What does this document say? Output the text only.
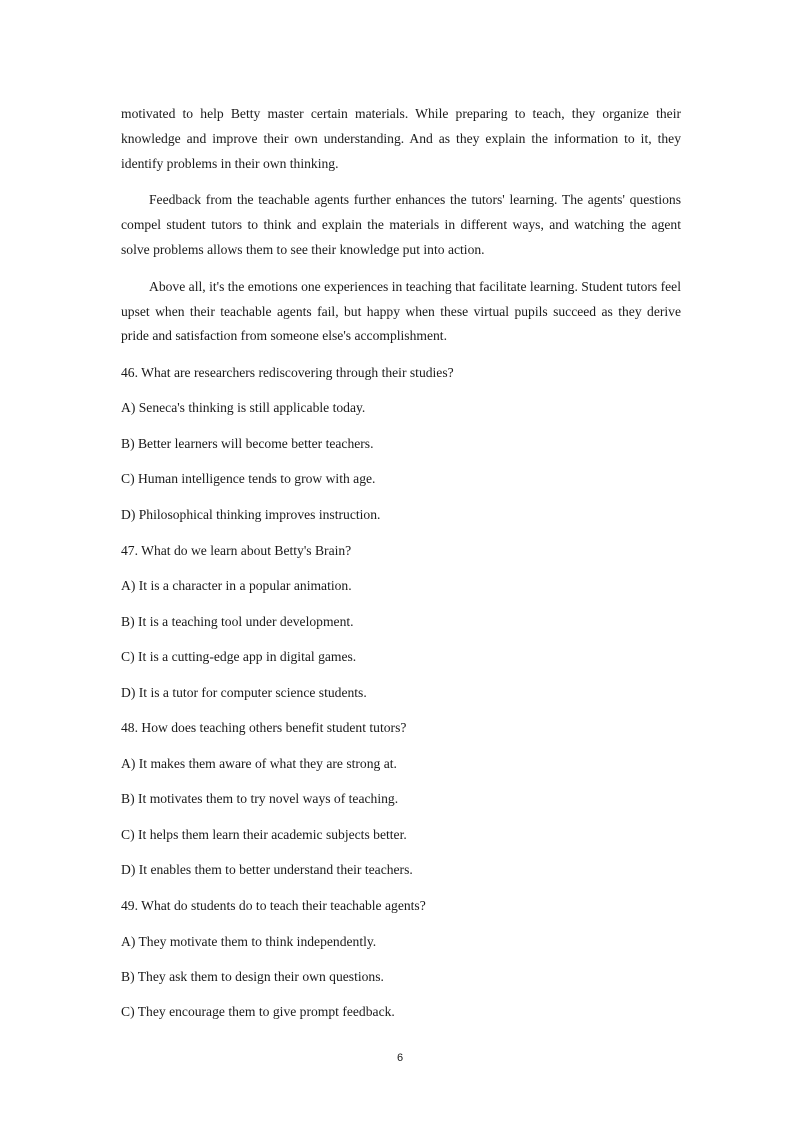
motivated to help Betty master certain materials. While preparing to teach, they organize their knowledge and improve their own understanding. And as they explain the information to it, they identify problems in their own thinking.

Feedback from the teachable agents further enhances the tutors' learning. The agents' questions compel student tutors to think and explain the materials in different ways, and watching the agent solve problems allows them to see their knowledge put into action.

Above all, it's the emotions one experiences in teaching that facilitate learning. Student tutors feel upset when their teachable agents fail, but happy when these virtual pupils succeed as they derive pride and satisfaction from someone else's accomplishment.

46. What are researchers rediscovering through their studies?

A) Seneca's thinking is still applicable today.

B) Better learners will become better teachers.

C) Human intelligence tends to grow with age.

D) Philosophical thinking improves instruction.

47. What do we learn about Betty's Brain?

A) It is a character in a popular animation.

B) It is a teaching tool under development.

C) It is a cutting-edge app in digital games.

D) It is a tutor for computer science students.

48. How does teaching others benefit student tutors?

A) It makes them aware of what they are strong at.

B) It motivates them to try novel ways of teaching.

C) It helps them learn their academic subjects better.

D) It enables them to better understand their teachers.

49. What do students do to teach their teachable agents?

A) They motivate them to think independently.

B) They ask them to design their own questions.

C) They encourage them to give prompt feedback.

6
